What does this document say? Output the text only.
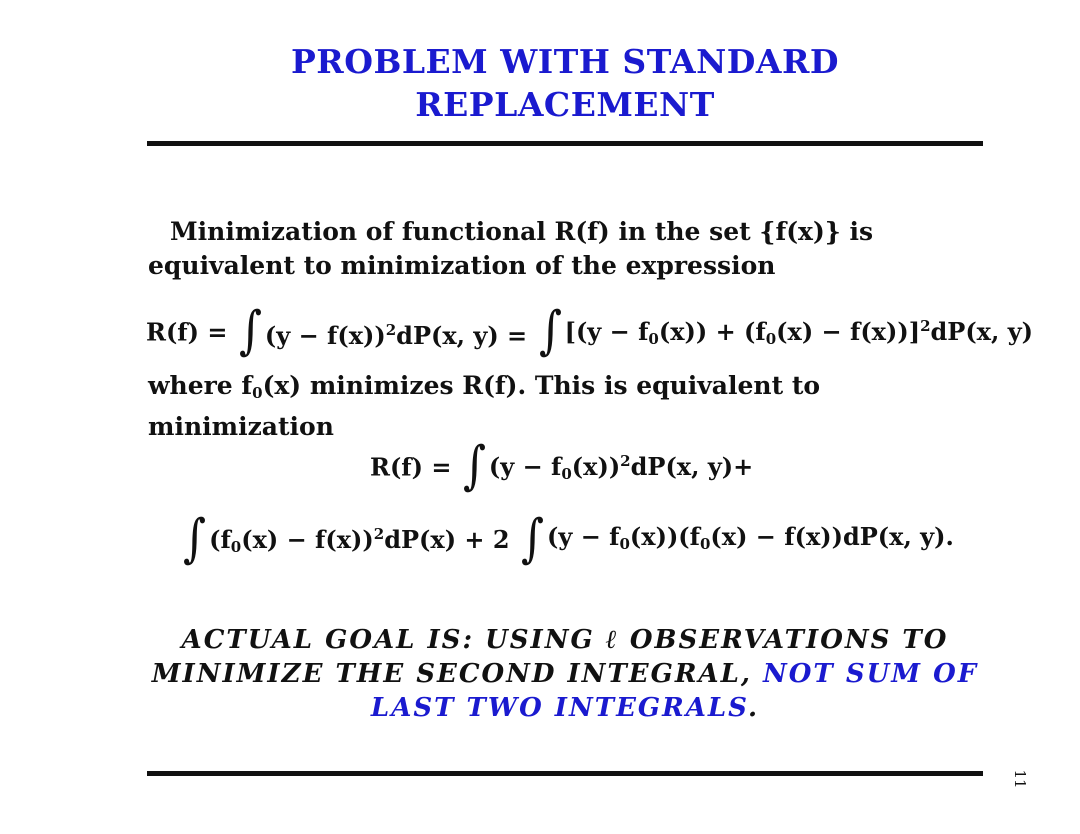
PROBLEM WITH STANDARD
REPLACEMENT
Minimization of functional R(f) in the set {f(x)} is equivalent to minimization of the expression
R(f) = ∫ $(y - f(x))^2dP(x$, y) = ∫ $[(y - f_0(x)) + (f_0(x) - f(x))]^2dP(x$, y)
where $f_0(x)$ minimizes R(f). This is equivalent to minimization
R(f) = ∫ $(y - f_0(x))^2dP(x$, y)+
∫ $(f_0(x) - f(x))^2dP(x) + 2$ ∫ $(y - f_0(x))(f_0(x) - f(x))dP(x$, y).
ACTUAL GOAL IS: USING ℓ OBSERVATIONS TO
MINIMIZE THE SECOND INTEGRAL, NOT SUM OF
LAST TWO INTEGRALS.
11
